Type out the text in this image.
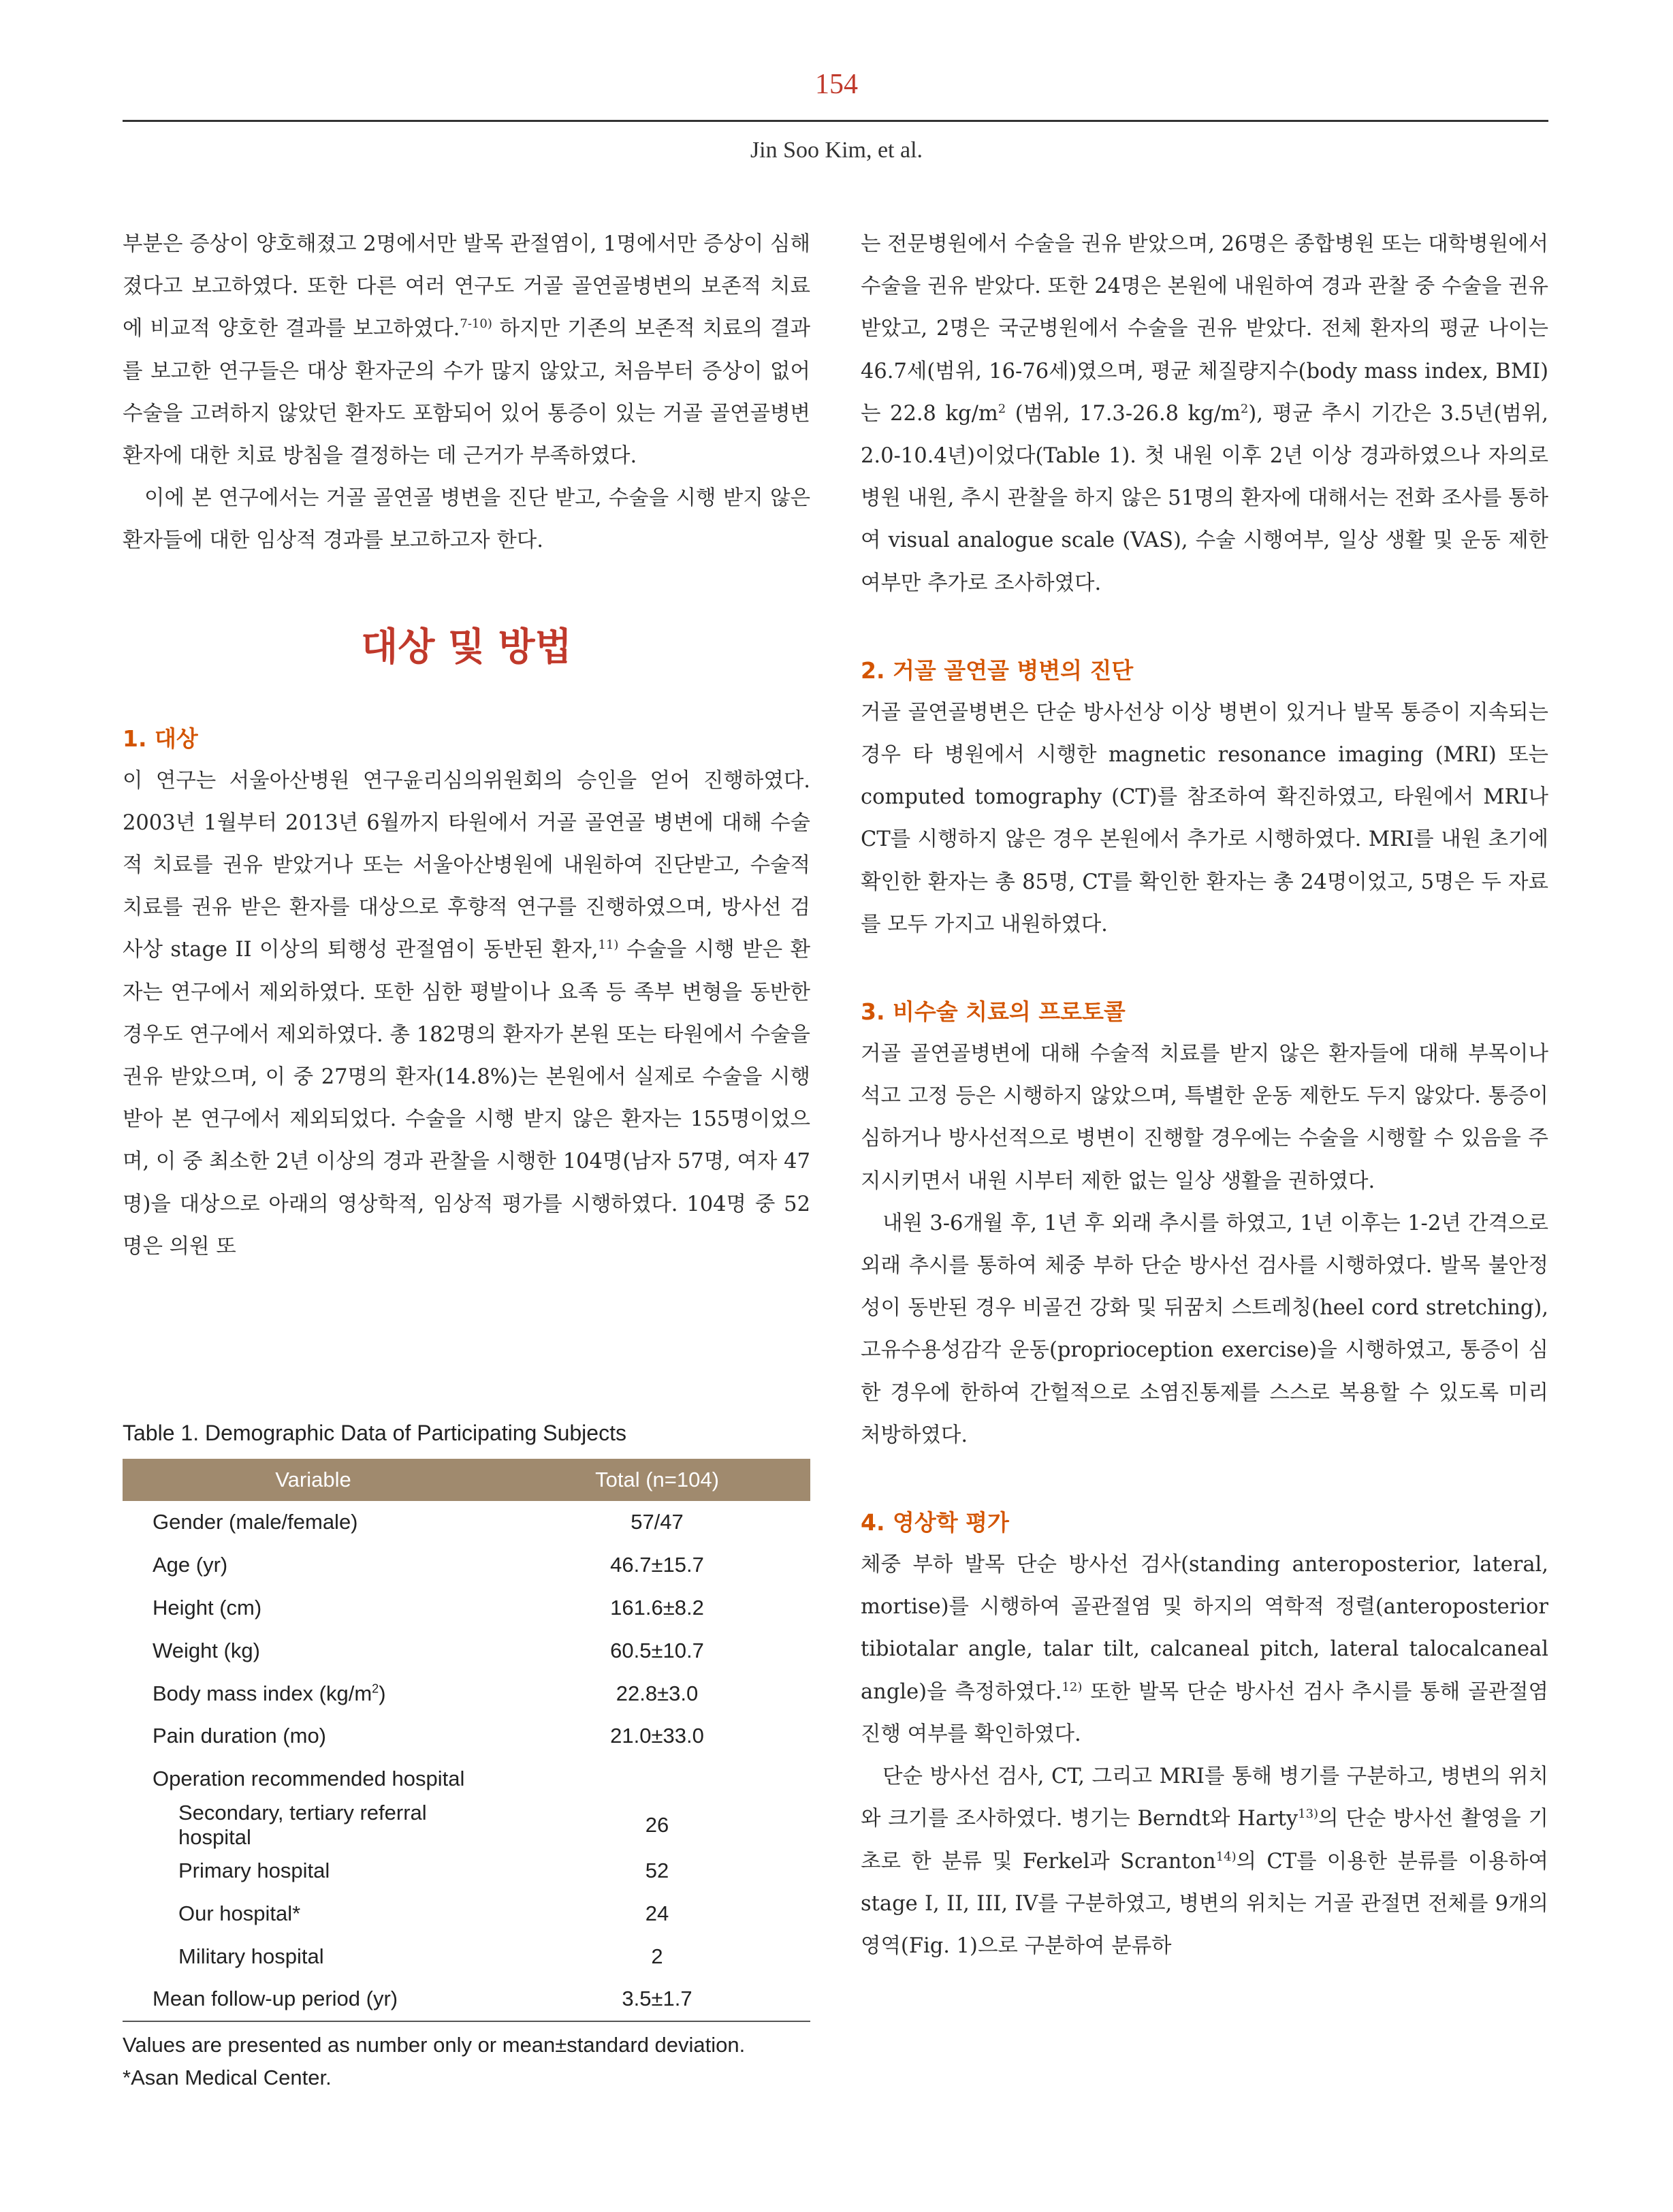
154
Jin Soo Kim, et al.

부분은 증상이 양호해졌고 2명에서만 발목 관절염이, 1명에서만 증상이 심해졌다고 보고하였다. 또한 다른 여러 연구도 거골 골연골병변의 보존적 치료에 비교적 양호한 결과를 보고하였다.$^{7-10)}$ 하지만 기존의 보존적 치료의 결과를 보고한 연구들은 대상 환자군의 수가 많지 않았고, 처음부터 증상이 없어 수술을 고려하지 않았던 환자도 포함되어 있어 통증이 있는 거골 골연골병변 환자에 대한 치료 방침을 결정하는 데 근거가 부족하였다.

이에 본 연구에서는 거골 골연골 병변을 진단 받고, 수술을 시행 받지 않은 환자들에 대한 임상적 경과를 보고하고자 한다.

대상 및 방법
1. 대상

이 연구는 서울아산병원 연구윤리심의위원회의 승인을 얻어 진행하였다. 2003년 1월부터 2013년 6월까지 타원에서 거골 골연골 병변에 대해 수술적 치료를 권유 받았거나 또는 서울아산병원에 내원하여 진단받고, 수술적 치료를 권유 받은 환자를 대상으로 후향적 연구를 진행하였으며, 방사선 검사상 stage II 이상의 퇴행성 관절염이 동반된 환자,$^{11)}$ 수술을 시행 받은 환자는 연구에서 제외하였다. 또한 심한 평발이나 요족 등 족부 변형을 동반한 경우도 연구에서 제외하였다. 총 182명의 환자가 본원 또는 타원에서 수술을 권유 받았으며, 이 중 27명의 환자(14.8%)는 본원에서 실제로 수술을 시행 받아 본 연구에서 제외되었다. 수술을 시행 받지 않은 환자는 155명이었으며, 이 중 최소한 2년 이상의 경과 관찰을 시행한 104명(남자 57명, 여자 47명)을 대상으로 아래의 영상학적, 임상적 평가를 시행하였다. 104명 중 52명은 의원 또

Table 1. Demographic Data of Participating Subjects
Variable	Total (n=104)
Gender (male/female)	57/47
Age (yr)	46.7±15.7
Height (cm)	161.6±8.2
Weight (kg)	60.5±10.7
Body mass index $(kg/m^2)$	22.8±3.0
Pain duration (mo)	21.0±33.0
Operation recommended hospital	
Secondary, tertiary referral hospital	26
Primary hospital	52
Our hospital*	24
Military hospital	2
Mean follow-up period (yr)	3.5±1.7
Values are presented as number only or mean±standard deviation.
*Asan Medical Center.

는 전문병원에서 수술을 권유 받았으며, 26명은 종합병원 또는 대학병원에서 수술을 권유 받았다. 또한 24명은 본원에 내원하여 경과 관찰 중 수술을 권유 받았고, 2명은 국군병원에서 수술을 권유 받았다. 전체 환자의 평균 나이는 46.7세(범위, 16-76세)였으며, 평균 체질량지수(body mass index, BMI)는 22.8 $kg/m^2$ (범위, 17.3-26.8 $kg/m^2$), 평균 추시 기간은 3.5년(범위, 2.0-10.4년)이었다(Table 1). 첫 내원 이후 2년 이상 경과하였으나 자의로 병원 내원, 추시 관찰을 하지 않은 51명의 환자에 대해서는 전화 조사를 통하여 visual analogue scale (VAS), 수술 시행여부, 일상 생활 및 운동 제한 여부만 추가로 조사하였다.

2. 거골 골연골 병변의 진단

거골 골연골병변은 단순 방사선상 이상 병변이 있거나 발목 통증이 지속되는 경우 타 병원에서 시행한 magnetic resonance imaging (MRI) 또는 computed tomography (CT)를 참조하여 확진하였고, 타원에서 MRI나 CT를 시행하지 않은 경우 본원에서 추가로 시행하였다. MRI를 내원 초기에 확인한 환자는 총 85명, CT를 확인한 환자는 총 24명이었고, 5명은 두 자료를 모두 가지고 내원하였다.

3. 비수술 치료의 프로토콜

거골 골연골병변에 대해 수술적 치료를 받지 않은 환자들에 대해 부목이나 석고 고정 등은 시행하지 않았으며, 특별한 운동 제한도 두지 않았다. 통증이 심하거나 방사선적으로 병변이 진행할 경우에는 수술을 시행할 수 있음을 주지시키면서 내원 시부터 제한 없는 일상 생활을 권하였다.

내원 3-6개월 후, 1년 후 외래 추시를 하였고, 1년 이후는 1-2년 간격으로 외래 추시를 통하여 체중 부하 단순 방사선 검사를 시행하였다. 발목 불안정성이 동반된 경우 비골건 강화 및 뒤꿈치 스트레칭(heel cord stretching), 고유수용성감각 운동(proprioception exercise)을 시행하였고, 통증이 심한 경우에 한하여 간헐적으로 소염진통제를 스스로 복용할 수 있도록 미리 처방하였다.

4. 영상학 평가

체중 부하 발목 단순 방사선 검사(standing anteroposterior, lateral, mortise)를 시행하여 골관절염 및 하지의 역학적 정렬(anteroposterior tibiotalar angle, talar tilt, calcaneal pitch, lateral talocalcaneal angle)을 측정하였다.$^{12)}$ 또한 발목 단순 방사선 검사 추시를 통해 골관절염 진행 여부를 확인하였다.

단순 방사선 검사, CT, 그리고 MRI를 통해 병기를 구분하고, 병변의 위치와 크기를 조사하였다. 병기는 Berndt와 Harty$^{13)}$의 단순 방사선 촬영을 기초로 한 분류 및 Ferkel과 Scranton$^{14)}$의 CT를 이용한 분류를 이용하여 stage I, II, III, IV를 구분하였고, 병변의 위치는 거골 관절면 전체를 9개의 영역(Fig. 1)으로 구분하여 분류하
